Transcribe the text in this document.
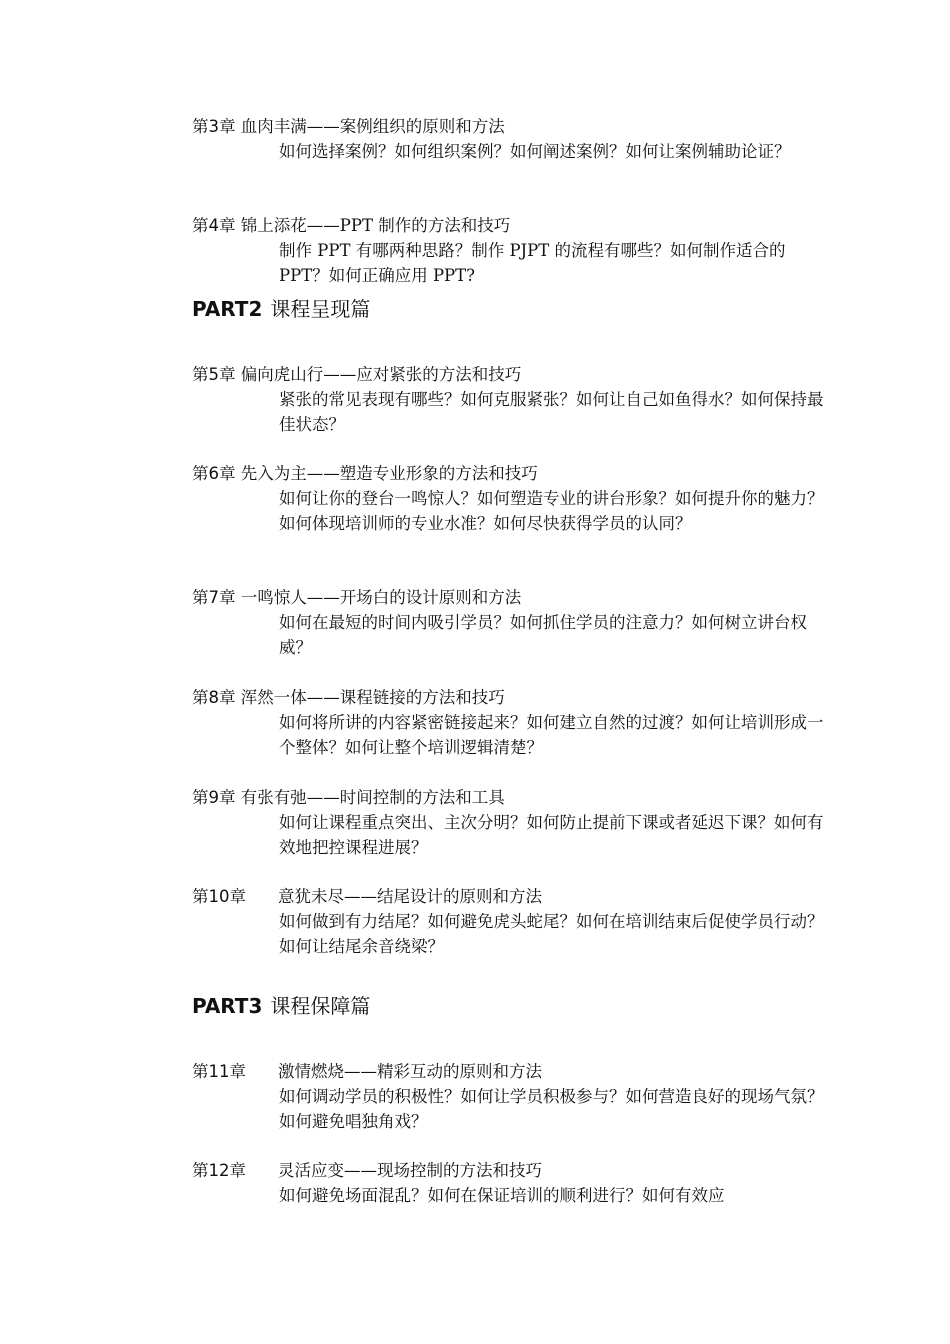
第3章 血肉丰满——案例组织的原则和方法
如何选择案例？如何组织案例？如何阐述案例？如何让案例辅助论证？
第4章 锦上添花——PPT 制作的方法和技巧
制作 PPT 有哪两种思路？制作 PJPT 的流程有哪些？如何制作适合的 PPT？如何正确应用 PPT?
PART2 课程呈现篇
第5章 偏向虎山行——应对紧张的方法和技巧
紧张的常见表现有哪些？如何克服紧张？如何让自己如鱼得水？如何保持最佳状态？
第6章 先入为主——塑造专业形象的方法和技巧
如何让你的登台一鸣惊人？如何塑造专业的讲台形象？如何提升你的魅力？如何体现培训师的专业水准？如何尽快获得学员的认同？
第7章 一鸣惊人——开场白的设计原则和方法
如何在最短的时间内吸引学员？如何抓住学员的注意力？如何树立讲台权威？
第8章 浑然一体——课程链接的方法和技巧
如何将所讲的内容紧密链接起来？如何建立自然的过渡？如何让培训形成一个整体？如何让整个培训逻辑清楚？
第9章 有张有弛——时间控制的方法和工具
如何让课程重点突出、主次分明？如何防止提前下课或者延迟下课？如何有效地把控课程进展？
第10章 意犹未尽——结尾设计的原则和方法
如何做到有力结尾？如何避免虎头蛇尾？如何在培训结束后促使学员行动？如何让结尾余音绕梁？
PART3 课程保障篇
第11章 激情燃烧——精彩互动的原则和方法
如何调动学员的积极性？如何让学员积极参与？如何营造良好的现场气氛？如何避免唱独角戏？
第12章 灵活应变——现场控制的方法和技巧
如何避免场面混乱？如何在保证培训的顺利进行？如何有效应
